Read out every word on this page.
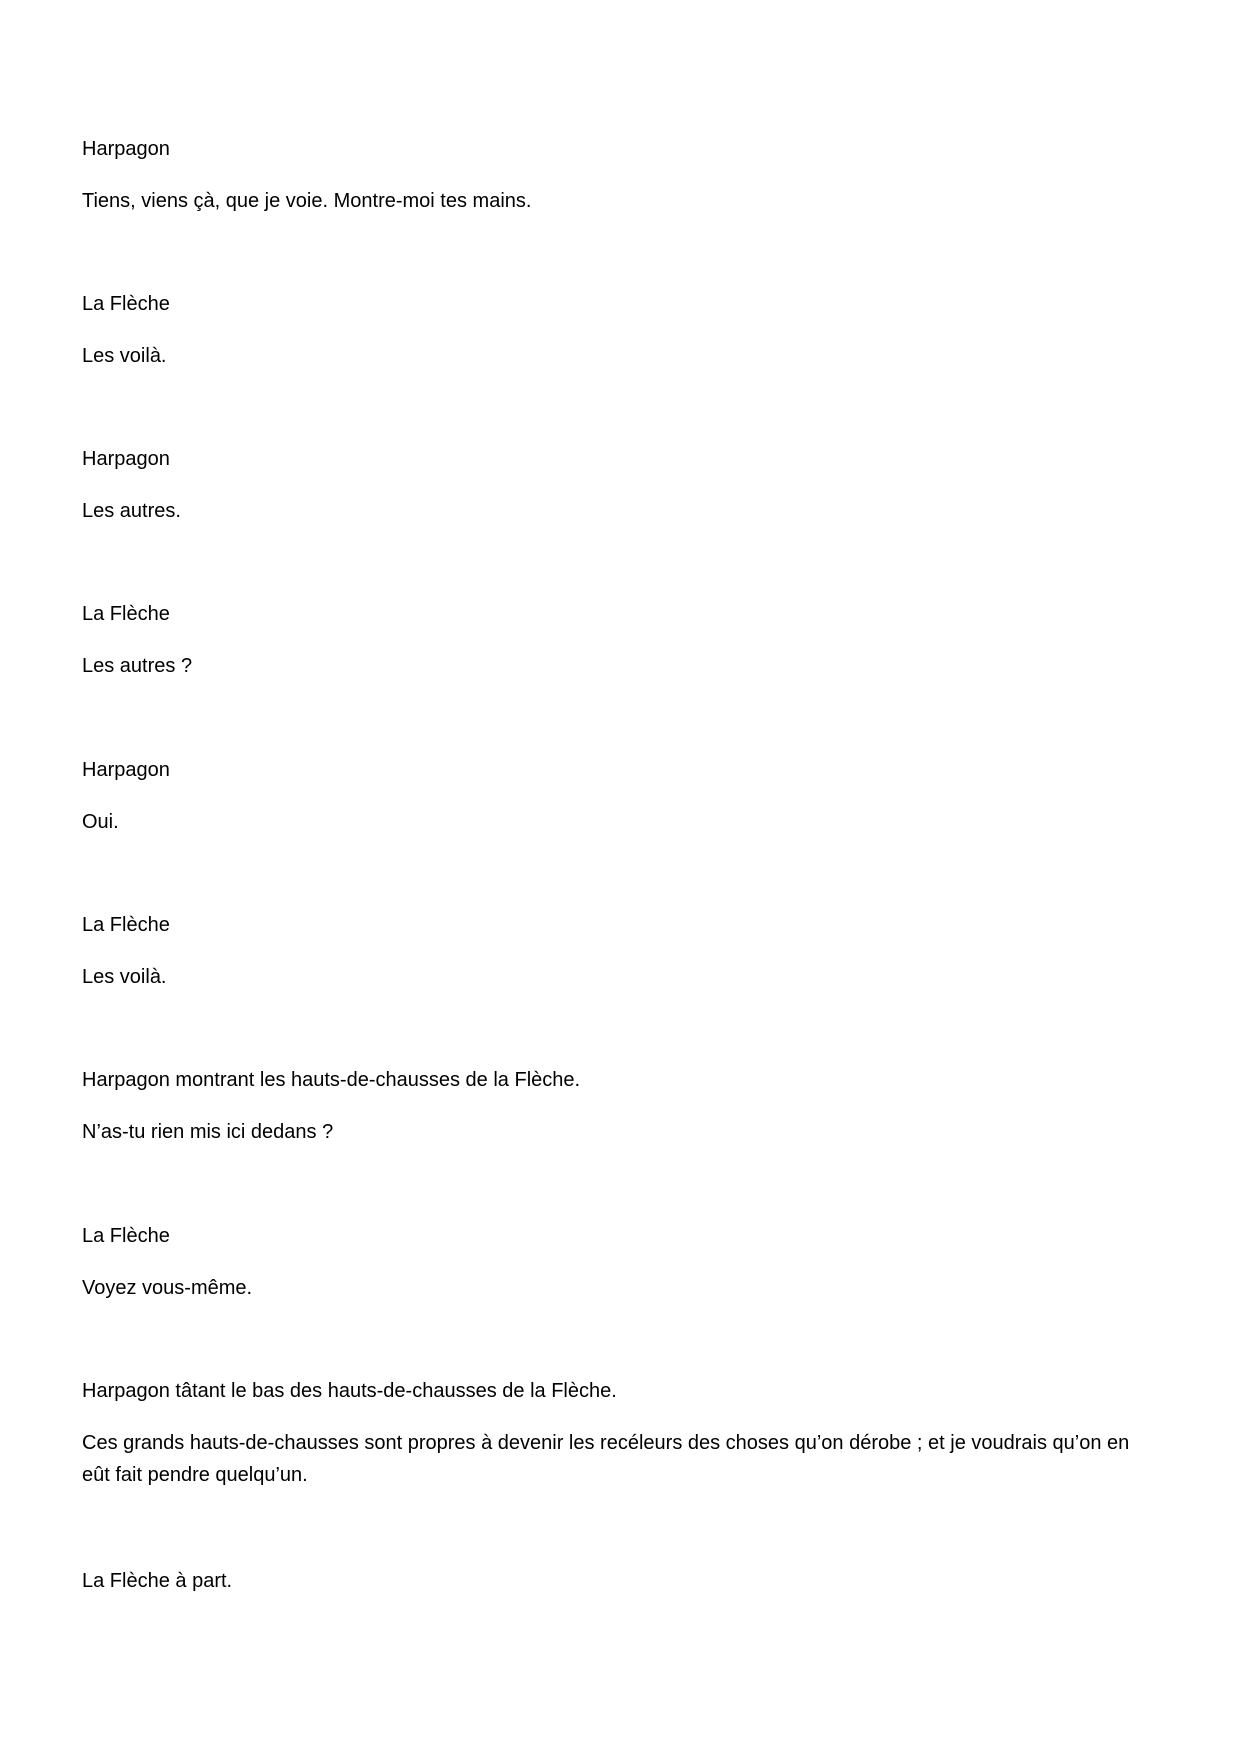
Harpagon
Tiens, viens çà, que je voie. Montre-moi tes mains.
La Flèche
Les voilà.
Harpagon
Les autres.
La Flèche
Les autres ?
Harpagon
Oui.
La Flèche
Les voilà.
Harpagon montrant les hauts-de-chausses de la Flèche.
N’as-tu rien mis ici dedans ?
La Flèche
Voyez vous-même.
Harpagon tâtant le bas des hauts-de-chausses de la Flèche.
Ces grands hauts-de-chausses sont propres à devenir les recéleurs des choses qu’on dérobe ; et je voudrais qu’on en eût fait pendre quelqu’un.
La Flèche à part.
